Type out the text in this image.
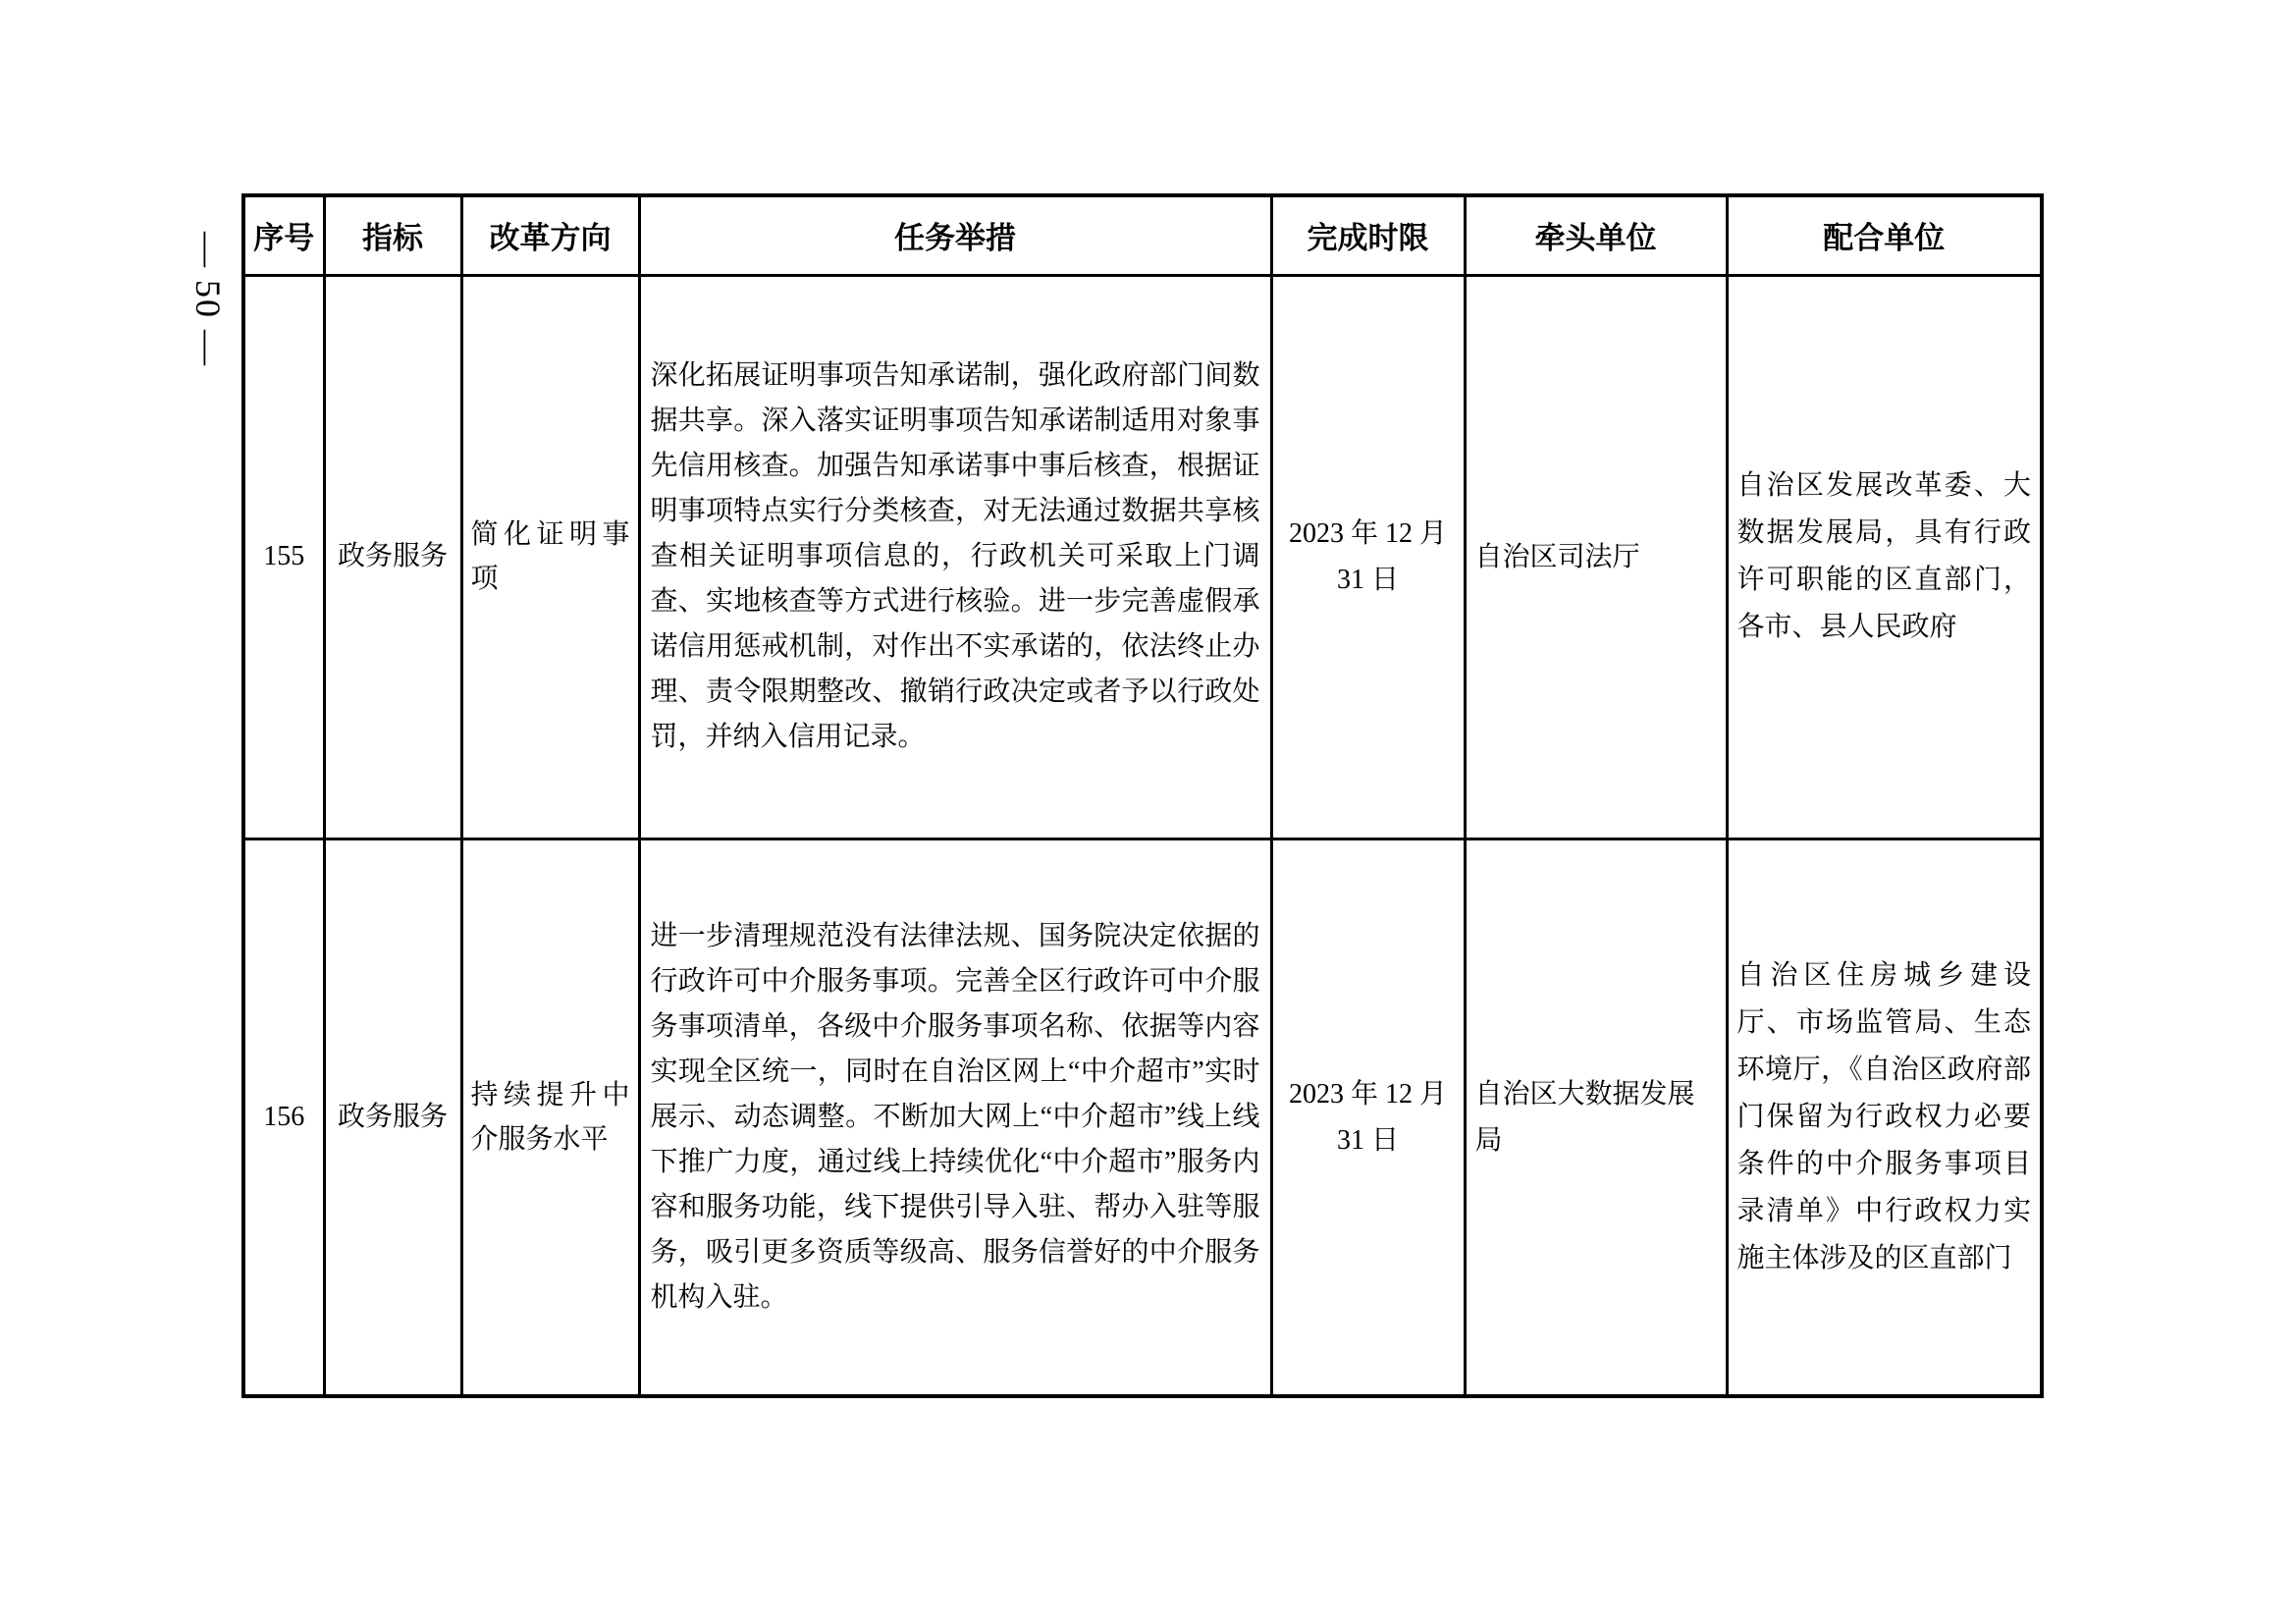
— 50 — 序号	指标	改革方向	任务举措	完成时限	牵头单位	配合单位
155	政务服务	简化证明事项	深化拓展证明事项告知承诺制，强化政府部门间数据共享。深入落实证明事项告知承诺制适用对象事先信用核查。加强告知承诺事中事后核查，根据证明事项特点实行分类核查，对无法通过数据共享核查相关证明事项信息的，行政机关可采取上门调查、实地核查等方式进行核验。进一步完善虚假承诺信用惩戒机制，对作出不实承诺的，依法终止办理、责令限期整改、撤销行政决定或者予以行政处罚，并纳入信用记录。	2023 年 12 月 31 日	自治区司法厅	自治区发展改革委、大数据发展局，具有行政许可职能的区直部门，各市、县人民政府
156	政务服务	持续提升中介服务水平	进一步清理规范没有法律法规、国务院决定依据的行政许可中介服务事项。完善全区行政许可中介服务事项清单，各级中介服务事项名称、依据等内容实现全区统一，同时在自治区网上“中介超市”实时展示、动态调整。不断加大网上“中介超市”线上线下推广力度，通过线上持续优化“中介超市”服务内容和服务功能，线下提供引导入驻、帮办入驻等服务，吸引更多资质等级高、服务信誉好的中介服务机构入驻。	2023 年 12 月 31 日	自治区大数据发展局	自治区住房城乡建设厅、市场监管局、生态环境厅，《自治区政府部门保留为行政权力必要条件的中介服务事项目录清单》中行政权力实施主体涉及的区直部门
